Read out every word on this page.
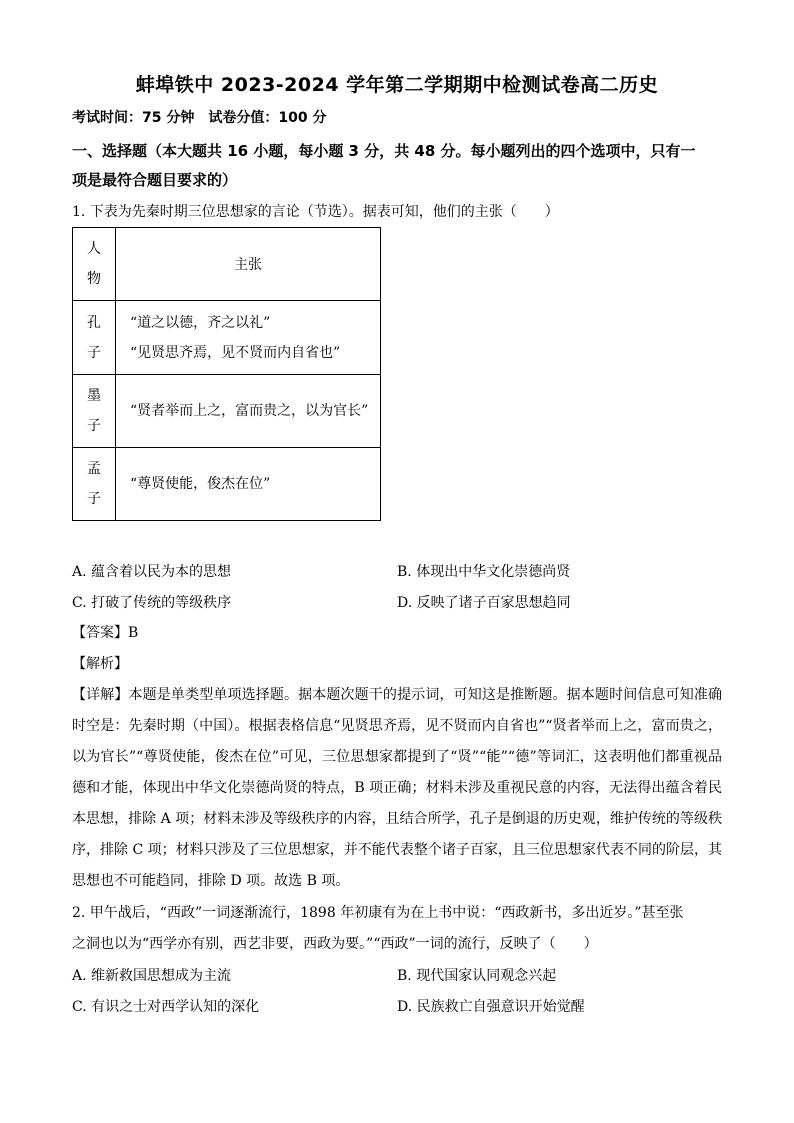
蚌埠铁中 2023-2024 学年第二学期期中检测试卷高二历史
考试时间：75 分钟　试卷分值：100 分
一、选择题（本大题共 16 小题，每小题 3 分，共 48 分。每小题列出的四个选项中，只有一
项是最符合题目要求的）
1. 下表为先秦时期三位思想家的言论（节选）。据表可知，他们的主张（　　）
人物	主张
孔子	“道之以德，齐之以礼”
“见贤思齐焉，见不贤而内自省也”

墨子	“贤者举而上之，富而贵之，以为官长”

孟子	“尊贤使能，俊杰在位”
A. 蕴含着以民为本的思想	B. 体现出中华文化崇德尚贤
C. 打破了传统的等级秩序	D. 反映了诸子百家思想趋同
【答案】B
【解析】
【详解】本题是单类型单项选择题。据本题次题干的提示词，可知这是推断题。据本题时间信息可知准确时空是：先秦时期（中国）。根据表格信息“见贤思齐焉，见不贤而内自省也”“贤者举而上之，富而贵之，以为官长”“尊贤使能，俊杰在位”可见，三位思想家都提到了“贤”“能”“德”等词汇，这表明他们都重视品德和才能，体现出中华文化崇德尚贤的特点，B 项正确；材料未涉及重视民意的内容，无法得出蕴含着民本思想，排除 A 项；材料未涉及等级秩序的内容，且结合所学，孔子是倒退的历史观，维护传统的等级秩序，排除 C 项；材料只涉及了三位思想家，并不能代表整个诸子百家，且三位思想家代表不同的阶层，其思想也不可能趋同，排除 D 项。故选 B 项。
2. 甲午战后，“西政”一词逐渐流行，1898 年初康有为在上书中说：“西政新书，多出近岁。”甚至张
之洞也以为“西学亦有别，西艺非要，西政为要。”“西政”一词的流行，反映了（　　）
A. 维新救国思想成为主流	B. 现代国家认同观念兴起
C. 有识之士对西学认知的深化	D. 民族救亡自强意识开始觉醒
